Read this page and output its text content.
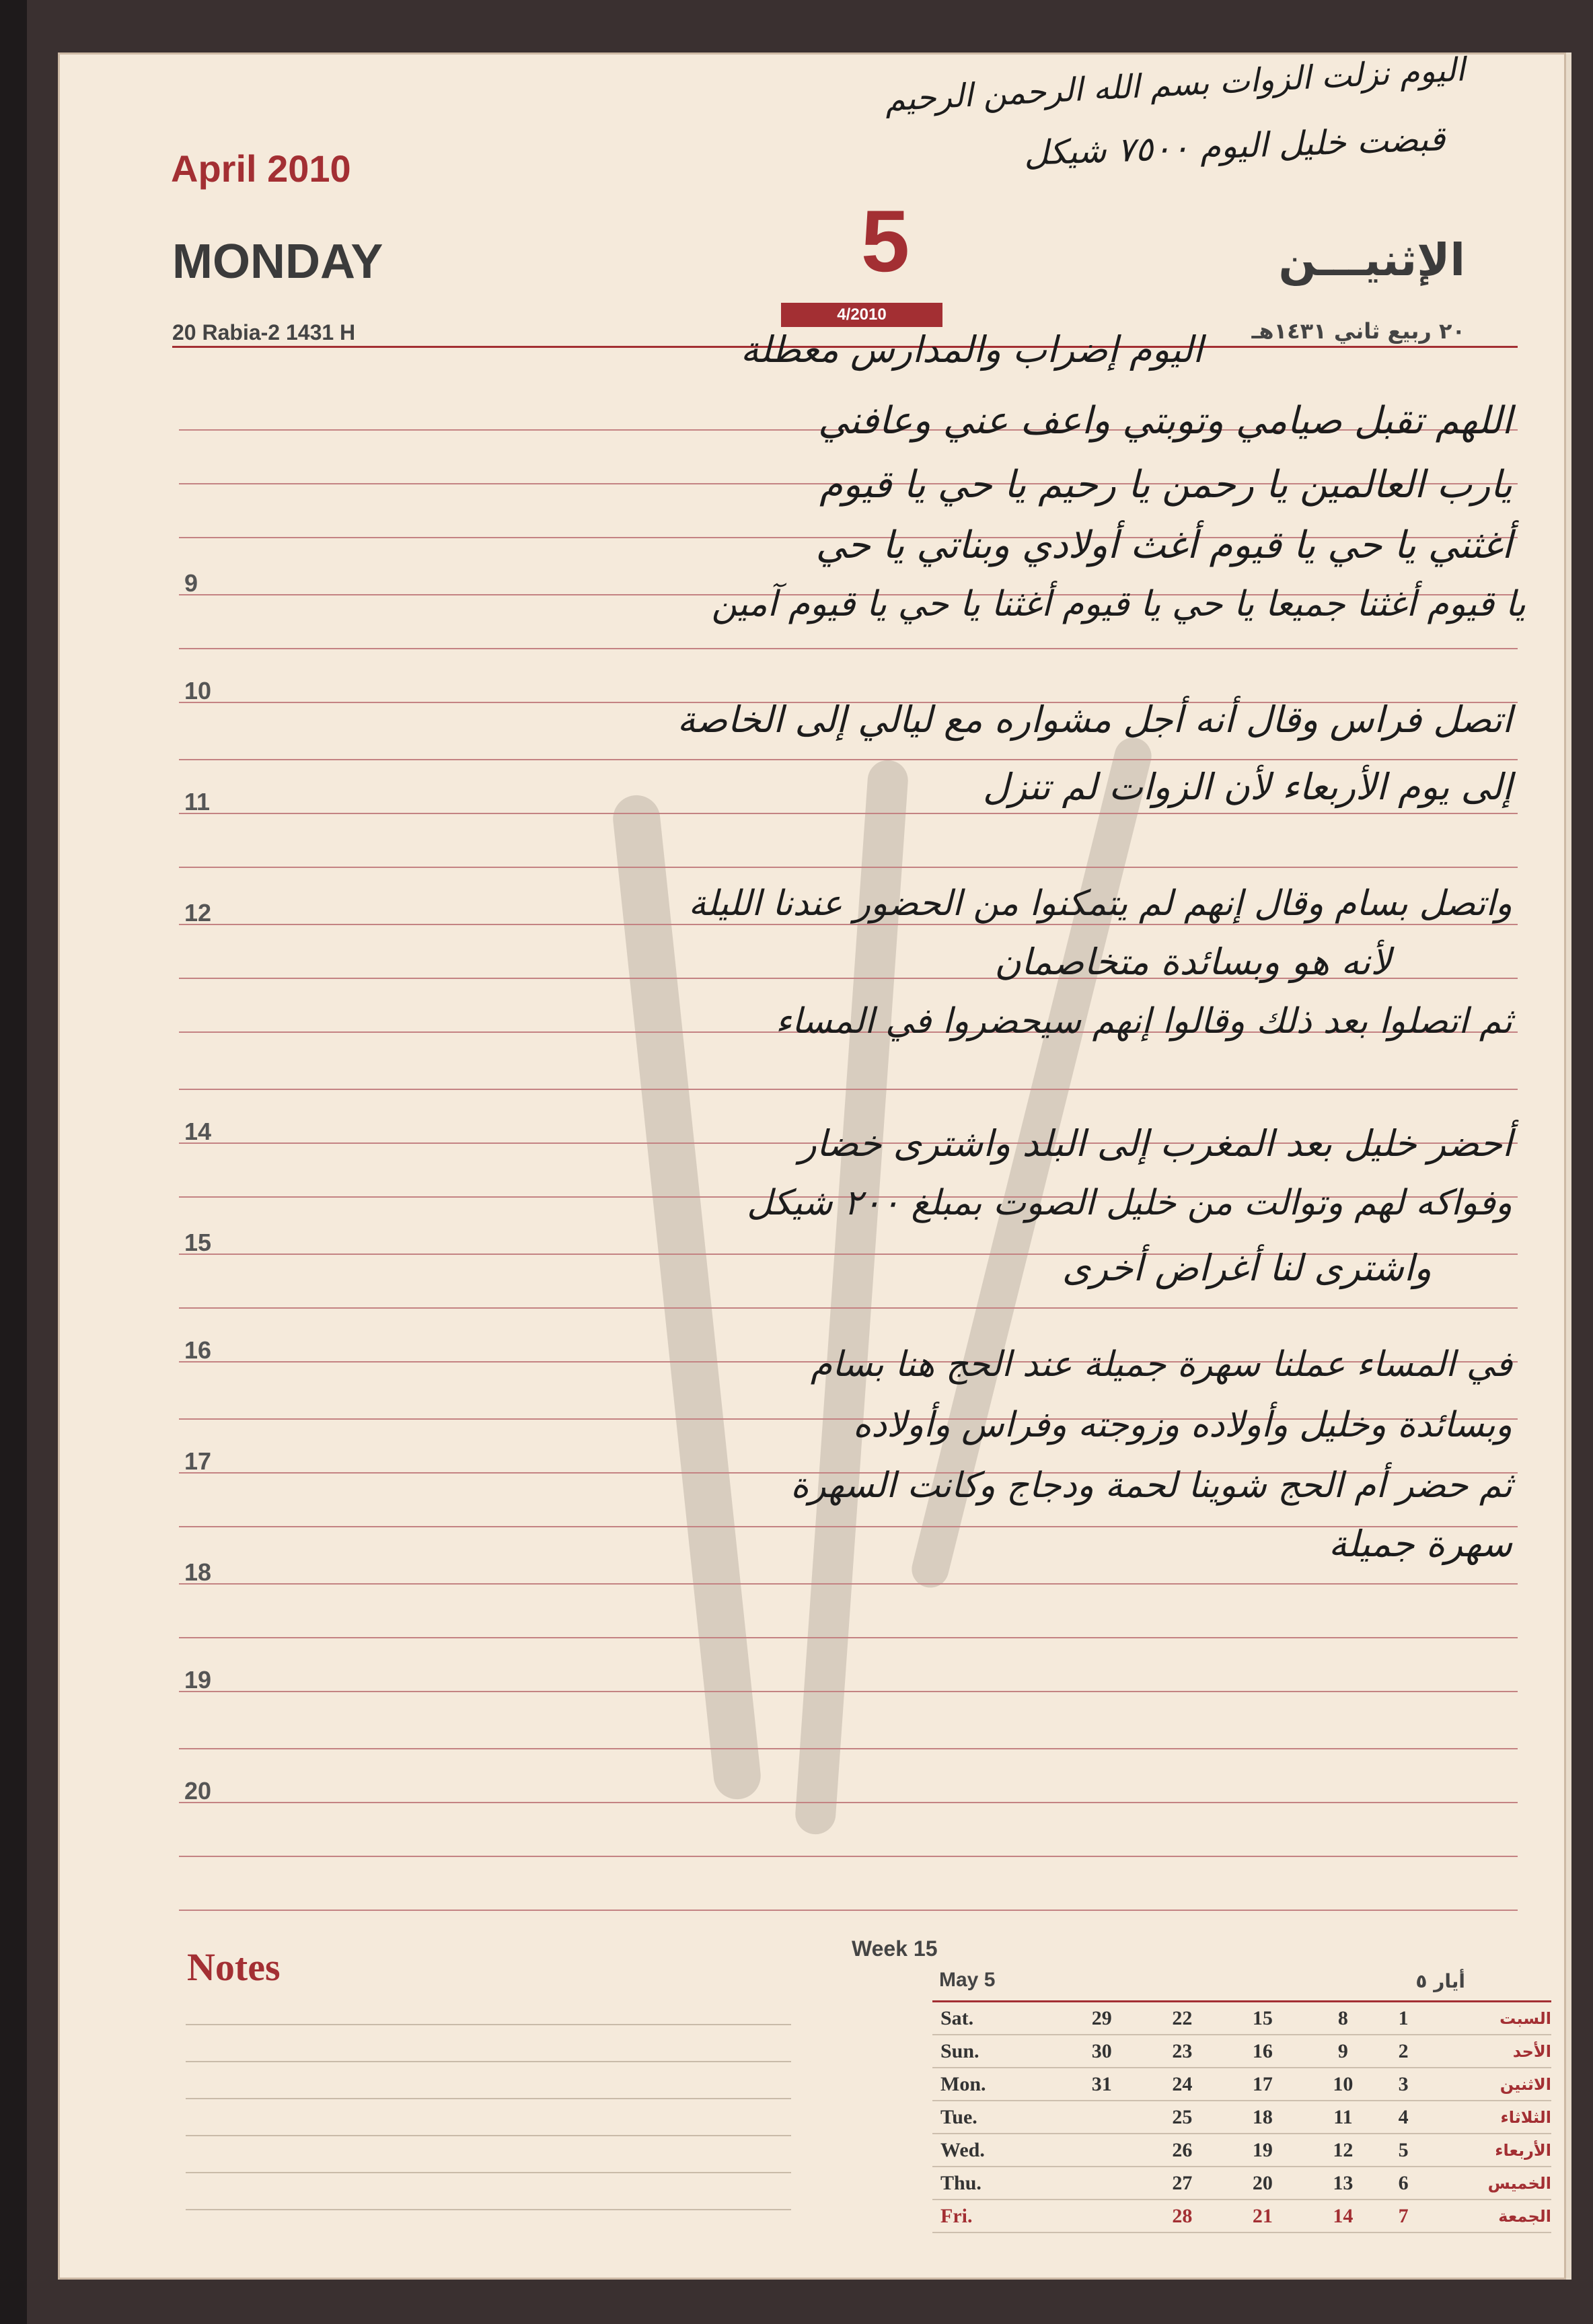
April 2010
MONDAY	5	الإثنيـــن
4/2010
20 Rabia-2 1431 H	٢٠ ربيع ثاني ١٤٣١هـ
9
10
11
12
14
15
16
17
18
19
20
اليوم نزلت الزوات بسم الله الرحمن الرحيم
قبضت خليل اليوم ٧٥٠٠ شيكل
اليوم إضراب والمدارس معطلة
اللهم تقبل صيامي وتوبتي واعف عني وعافني
يارب العالمين يا رحمن يا رحيم يا حي يا قيوم
أغثني يا حي يا قيوم أغث أولادي وبناتي يا حي
يا قيوم أغثنا جميعا يا حي يا قيوم أغثنا يا حي يا قيوم آمين
اتصل فراس وقال أنه أجل مشواره مع ليالي إلى الخاصة
إلى يوم الأربعاء لأن الزوات لم تنزل
واتصل بسام وقال إنهم لم يتمكنوا من الحضور عندنا الليلة
لأنه هو وبسائدة متخاصمان
ثم اتصلوا بعد ذلك وقالوا إنهم سيحضروا في المساء
أحضر خليل بعد المغرب إلى البلد واشترى خضار
وفواكه لهم وتوالت من خليل الصوت بمبلغ ٢٠٠ شيكل
واشترى لنا أغراض أخرى
في المساء عملنا سهرة جميلة عند الحج هنا بسام
وبسائدة وخليل وأولاده وزوجته وفراس وأولاده
ثم حضر أم الحج شوينا لحمة ودجاج وكانت السهرة
سهرة جميلة
Notes	Week 15
May 5	أيار ٥
Sat.	29	22	15	8	1	السبت
Sun.	30	23	16	9	2	الأحد
Mon.	31	24	17	10	3	الاثنين
Tue.		25	18	11	4	الثلاثاء
Wed.		26	19	12	5	الأربعاء
Thu.		27	20	13	6	الخميس
Fri.		28	21	14	7	الجمعة
